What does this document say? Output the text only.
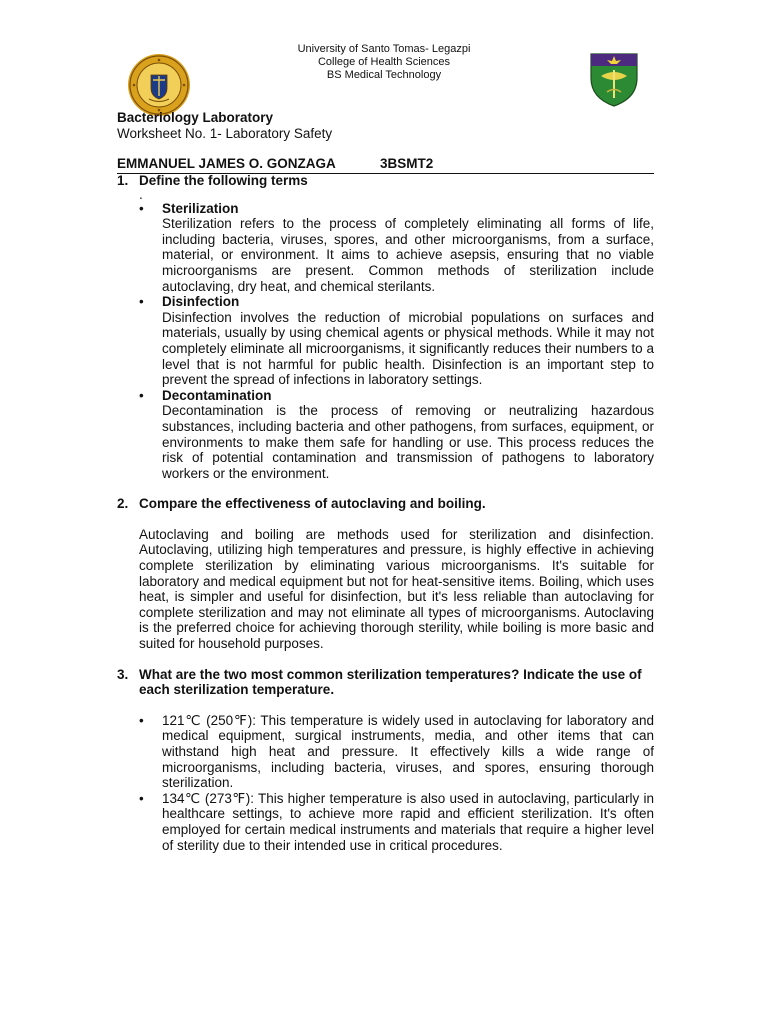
University of Santo Tomas- Legazpi
College of Health Sciences
BS Medical Technology
Bacteriology Laboratory
Worksheet No. 1- Laboratory Safety
EMMANUEL JAMES O. GONZAGA	3BSMT2
1. Define the following terms
.
• Sterilization
Sterilization refers to the process of completely eliminating all forms of life, including bacteria, viruses, spores, and other microorganisms, from a surface, material, or environment. It aims to achieve asepsis, ensuring that no viable microorganisms are present. Common methods of sterilization include autoclaving, dry heat, and chemical sterilants.
• Disinfection
Disinfection involves the reduction of microbial populations on surfaces and materials, usually by using chemical agents or physical methods. While it may not completely eliminate all microorganisms, it significantly reduces their numbers to a level that is not harmful for public health. Disinfection is an important step to prevent the spread of infections in laboratory settings.
• Decontamination
Decontamination is the process of removing or neutralizing hazardous substances, including bacteria and other pathogens, from surfaces, equipment, or environments to make them safe for handling or use. This process reduces the risk of potential contamination and transmission of pathogens to laboratory workers or the environment.
2. Compare the effectiveness of autoclaving and boiling.
Autoclaving and boiling are methods used for sterilization and disinfection. Autoclaving, utilizing high temperatures and pressure, is highly effective in achieving complete sterilization by eliminating various microorganisms. It's suitable for laboratory and medical equipment but not for heat-sensitive items. Boiling, which uses heat, is simpler and useful for disinfection, but it's less reliable than autoclaving for complete sterilization and may not eliminate all types of microorganisms. Autoclaving is the preferred choice for achieving thorough sterility, while boiling is more basic and suited for household purposes.
3. What are the two most common sterilization temperatures? Indicate the use of each sterilization temperature.
• 121℃ (250℉): This temperature is widely used in autoclaving for laboratory and medical equipment, surgical instruments, media, and other items that can withstand high heat and pressure. It effectively kills a wide range of microorganisms, including bacteria, viruses, and spores, ensuring thorough sterilization.
• 134℃ (273℉): This higher temperature is also used in autoclaving, particularly in healthcare settings, to achieve more rapid and efficient sterilization. It's often employed for certain medical instruments and materials that require a higher level of sterility due to their intended use in critical procedures.
